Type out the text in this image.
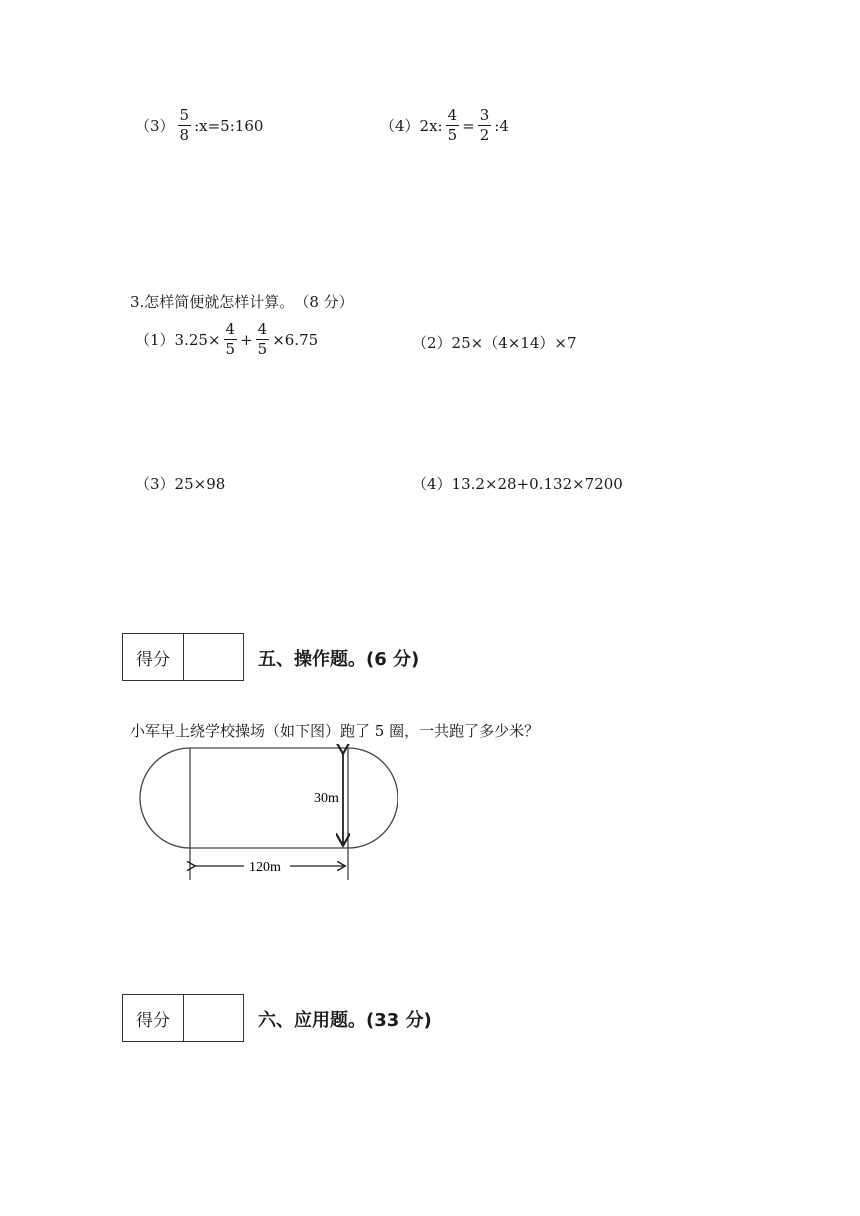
$(3) \frac{5}{8}$ :x=5:160	（4）2x: $\frac{4}{5} = \frac{3}{2}$ :4
3.怎样简便就怎样计算。　（8 分）
$(1)3.25\times \frac{4}{5} + \frac{4}{5} \times 6.75$	（2）25×（4×14）×7
（3）25×98	（4）13.2×28+0.132×7200
得分	五、操作题。(6 分)
小军早上绕学校操场（如下图）跑了 5 圈，一共跑了多少米？
30m
120m
得分	六、应用题。(33 分)
